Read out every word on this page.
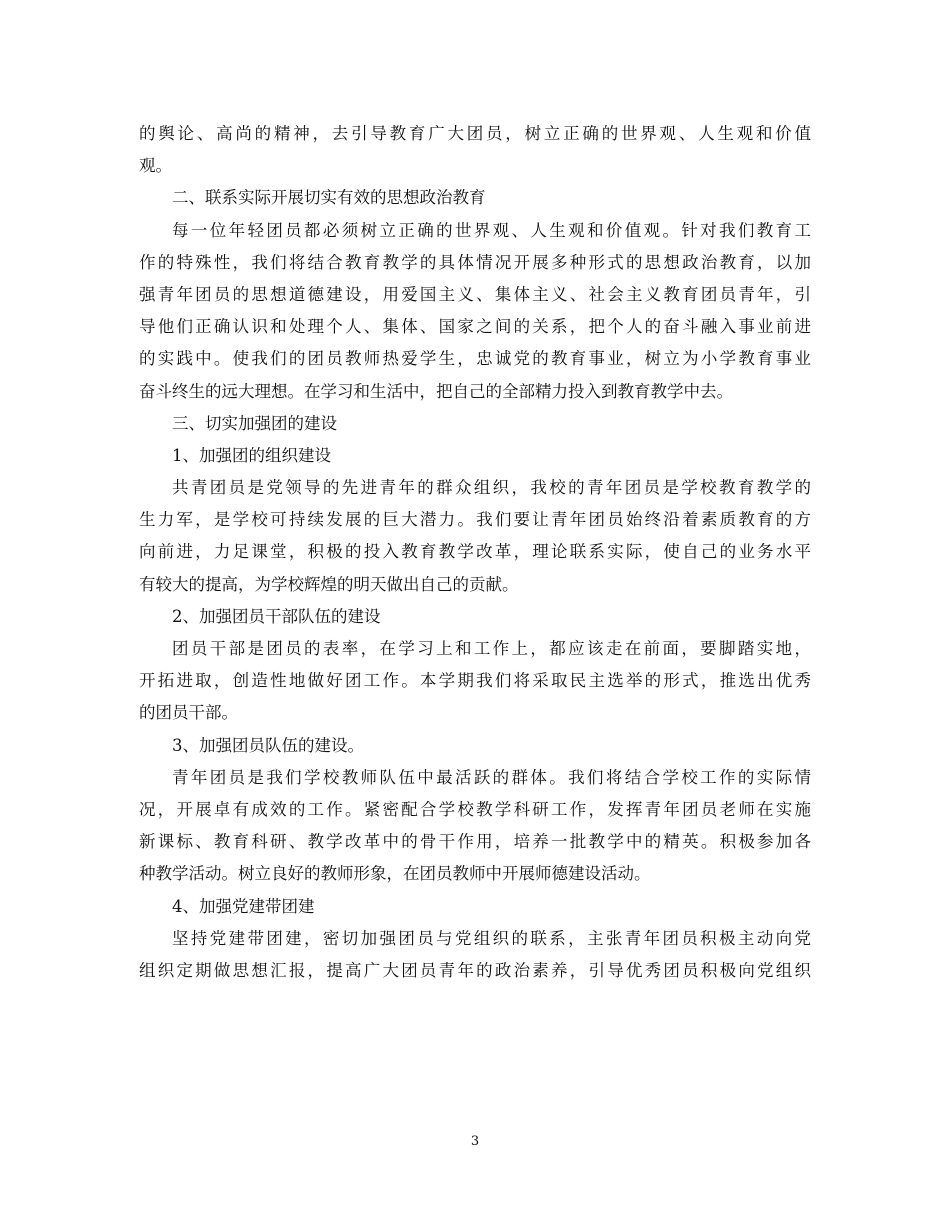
的舆论、高尚的精神，去引导教育广大团员，树立正确的世界观、人生观和价值
观。
二、联系实际开展切实有效的思想政治教育
每一位年轻团员都必须树立正确的世界观、人生观和价值观。针对我们教育工
作的特殊性，我们将结合教育教学的具体情况开展多种形式的思想政治教育，以加
强青年团员的思想道德建设，用爱国主义、集体主义、社会主义教育团员青年，引
导他们正确认识和处理个人、集体、国家之间的关系，把个人的奋斗融入事业前进
的实践中。使我们的团员教师热爱学生，忠诚党的教育事业，树立为小学教育事业
奋斗终生的远大理想。在学习和生活中，把自己的全部精力投入到教育教学中去。
三、切实加强团的建设
1、加强团的组织建设
共青团员是党领导的先进青年的群众组织，我校的青年团员是学校教育教学的
生力军，是学校可持续发展的巨大潜力。我们要让青年团员始终沿着素质教育的方
向前进，力足课堂，积极的投入教育教学改革，理论联系实际，使自己的业务水平
有较大的提高，为学校辉煌的明天做出自己的贡献。
2、加强团员干部队伍的建设
团员干部是团员的表率，在学习上和工作上，都应该走在前面，要脚踏实地，
开拓进取，创造性地做好团工作。本学期我们将采取民主选举的形式，推选出优秀
的团员干部。
3、加强团员队伍的建设。
青年团员是我们学校教师队伍中最活跃的群体。我们将结合学校工作的实际情
况，开展卓有成效的工作。紧密配合学校教学科研工作，发挥青年团员老师在实施
新课标、教育科研、教学改革中的骨干作用，培养一批教学中的精英。积极参加各
种教学活动。树立良好的教师形象，在团员教师中开展师德建设活动。
4、加强党建带团建
坚持党建带团建，密切加强团员与党组织的联系，主张青年团员积极主动向党
组织定期做思想汇报，提高广大团员青年的政治素养，引导优秀团员积极向党组织
3
